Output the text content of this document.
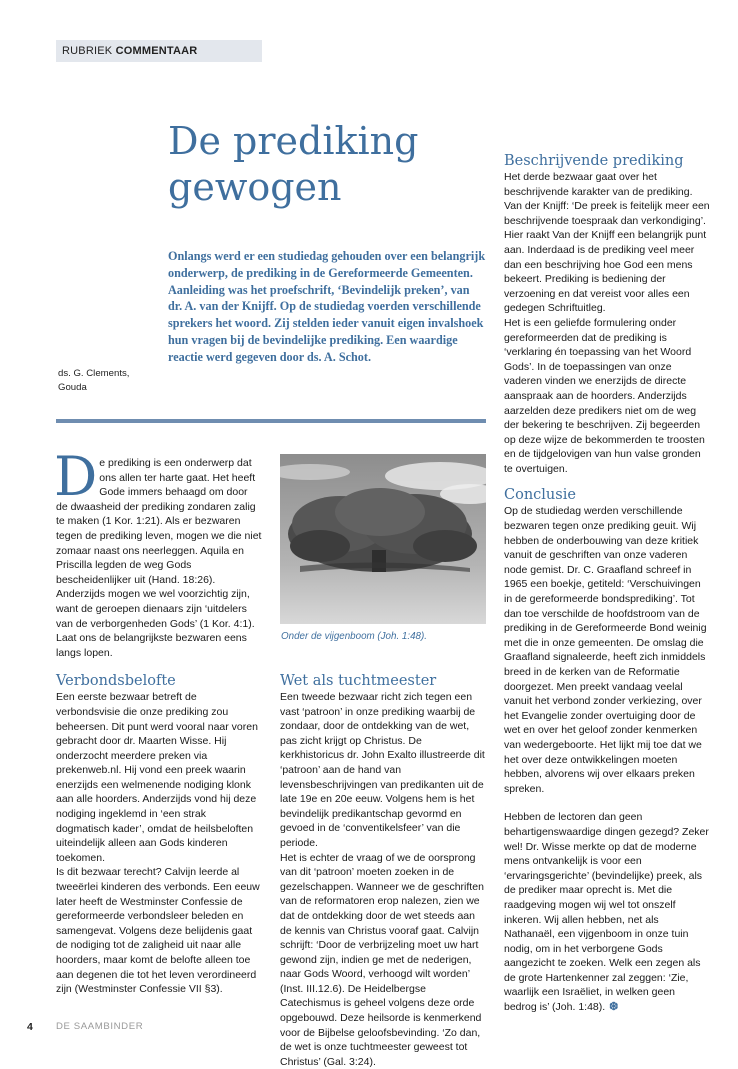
RUBRIEK COMMENTAAR
De prediking
gewogen

Onlangs werd er een studiedag gehouden over een belangrijk onderwerp, de prediking in de Gereformeerde Gemeenten. Aanleiding was het proefschrift, ‘Bevindelijk preken’, van dr. A. van der Knijff. Op de studiedag voerden verschillende sprekers het woord. Zij stelden ieder vanuit eigen invalshoek hun vragen bij de bevindelijke prediking. Een waardige reactie werd gegeven door ds. A. Schot.

ds. G. Clements,
Gouda

De prediking is een onderwerp dat ons allen ter harte gaat. Het heeft Gode immers behaagd om door de dwaasheid der prediking zondaren zalig te maken (1 Kor. 1:21). Als er bezwaren tegen de prediking leven, mogen we die niet zomaar naast ons neerleggen. Aquila en Priscilla legden de weg Gods bescheidenlijker uit (Hand. 18:26). Anderzijds mogen we wel voorzichtig zijn, want de geroepen dienaars zijn ‘uitdelers van de verborgenheden Gods’ (1 Kor. 4:1). Laat ons de belangrijkste bezwaren eens langs lopen.

Verbondsbelofte

Een eerste bezwaar betreft de verbondsvisie die onze prediking zou beheersen. Dit punt werd vooral naar voren gebracht door dr. Maarten Wisse. Hij onderzocht meerdere preken via prekenweb.nl. Hij vond een preek waarin enerzijds een welmenende nodiging klonk aan alle hoorders. Anderzijds vond hij deze nodiging ingeklemd in ‘een strak dogmatisch kader’, omdat de heilsbeloften uiteindelijk alleen aan Gods kinderen toekomen.

Is dit bezwaar terecht? Calvijn leerde al tweeërlei kinderen des verbonds. Een eeuw later heeft de Westminster Confessie de gereformeerde verbondsleer beleden en samengevat. Volgens deze belijdenis gaat de nodiging tot de zaligheid uit naar alle hoorders, maar komt de belofte alleen toe aan degenen die tot het leven verordineerd zijn (Westminster Confessie VII §3).

Onder de vijgenboom (Joh. 1:48).
Wet als tuchtmeester

Een tweede bezwaar richt zich tegen een vast ‘patroon’ in onze prediking waarbij de zondaar, door de ontdekking van de wet, pas zicht krijgt op Christus. De kerkhistoricus dr. John Exalto illustreerde dit ‘patroon’ aan de hand van levensbeschrijvingen van predikanten uit de late 19e en 20e eeuw. Volgens hem is het bevindelijk predikantschap gevormd en gevoed in de ‘conventikelsfeer’ van die periode.

Het is echter de vraag of we de oorsprong van dit ‘patroon’ moeten zoeken in de gezelschappen. Wanneer we de geschriften van de reformatoren erop nalezen, zien we dat de ontdekking door de wet steeds aan de kennis van Christus vooraf gaat. Calvijn schrijft: ‘Door de verbrijzeling moet uw hart gewond zijn, indien ge met de nederigen, naar Gods Woord, verhoogd wilt worden’ (Inst. III.12.6). De Heidelbergse Catechismus is geheel volgens deze orde opgebouwd. Deze heilsorde is kenmerkend voor de Bijbelse geloofsbevinding. ‘Zo dan, de wet is onze tuchtmeester geweest tot Christus’ (Gal. 3:24).

Beschrijvende prediking

Het derde bezwaar gaat over het beschrijvende karakter van de prediking. Van der Knijff: ‘De preek is feitelijk meer een beschrijvende toespraak dan verkondiging’. Hier raakt Van der Knijff een belangrijk punt aan. Inderdaad is de prediking veel meer dan een beschrijving hoe God een mens bekeert. Prediking is bediening der verzoening en dat vereist voor alles een gedegen Schriftuitleg.

Het is een geliefde formulering onder gereformeerden dat de prediking is ‘verklaring én toepassing van het Woord Gods’. In de toepassingen van onze vaderen vinden we enerzijds de directe aanspraak aan de hoorders. Anderzijds aarzelden deze predikers niet om de weg der bekering te beschrijven. Zij begeerden op deze wijze de bekommerden te troosten en de tijdgelovigen van hun valse gronden te overtuigen.

Conclusie

Op de studiedag werden verschillende bezwaren tegen onze prediking geuit. Wij hebben de onderbouwing van deze kritiek vanuit de geschriften van onze vaderen node gemist. Dr. C. Graafland schreef in 1965 een boekje, getiteld: ‘Verschuivingen in de gereformeerde bondsprediking’. Tot dan toe verschilde de hoofdstroom van de prediking in de Gereformeerde Bond weinig met die in onze gemeenten. De omslag die Graafland signaleerde, heeft zich inmiddels breed in de kerken van de Reformatie doorgezet. Men preekt vandaag veelal vanuit het verbond zonder verkiezing, over het Evangelie zonder overtuiging door de wet en over het geloof zonder kenmerken van wedergeboorte. Het lijkt mij toe dat we het over deze ontwikkelingen moeten hebben, alvorens wij over elkaars preken spreken.

Hebben de lectoren dan geen behartigenswaardige dingen gezegd? Zeker wel! Dr. Wisse merkte op dat de moderne mens ontvankelijk is voor een ‘ervaringsgerichte’ (bevindelijke) preek, als de prediker maar oprecht is. Met die raadgeving mogen wij wel tot onszelf inkeren. Wij allen hebben, net als Nathanaël, een vijgenboom in onze tuin nodig, om in het verborgene Gods aangezicht te zoeken. Welk een zegen als de grote Hartenkenner zal zeggen: ‘Zie, waarlijk een Israëliet, in welken geen bedrog is’ (Joh. 1:48). ❆

4 DE SAAMBINDER
